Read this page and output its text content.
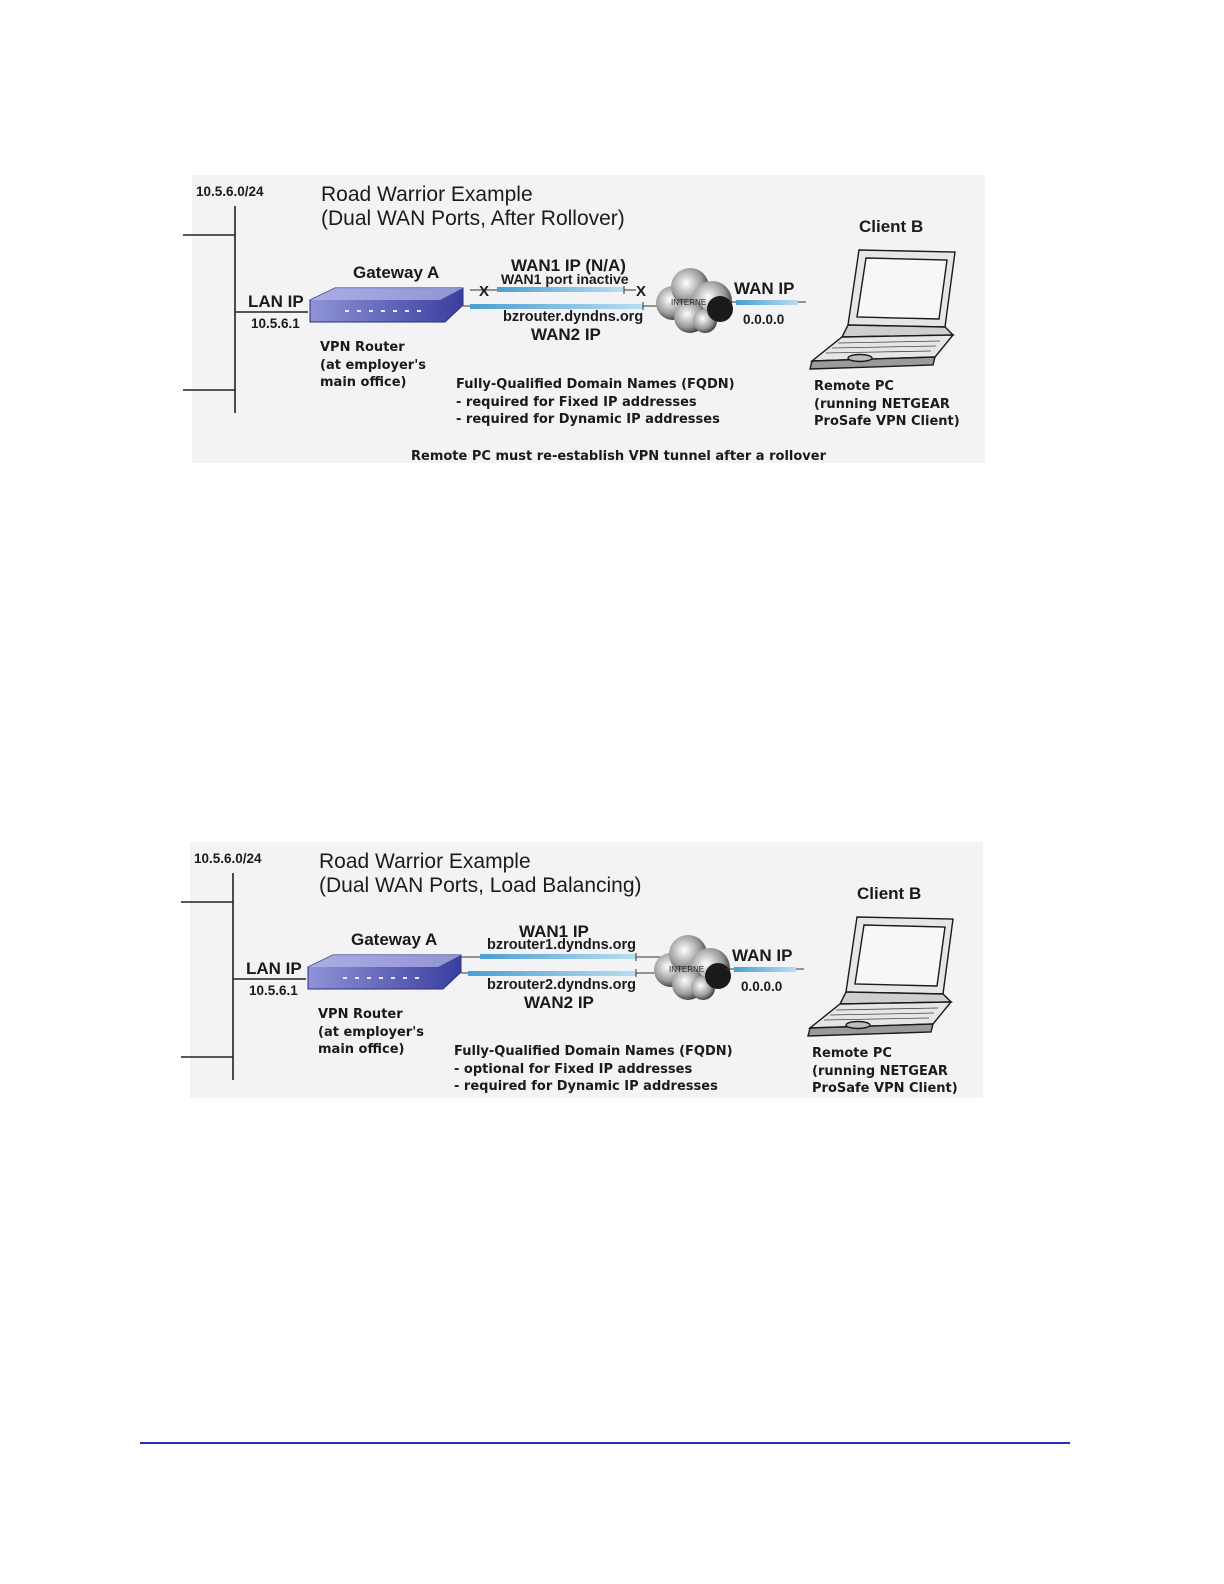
10.5.6.0/24	Road Warrior Example
(Dual WAN Ports, After Rollover)	Client B
Gateway A
LAN IP
10.5.6.1
VPN Router
(at employer's
main office)
WAN1 IP (N/A)
WAN1 port inactive
X	X
bzrouter.dyndns.org
WAN2 IP
INTERNE
WAN IP
0.0.0.0
Fully-Qualified Domain Names (FQDN)
- required for Fixed IP addresses
- required for Dynamic IP addresses
Remote PC
(running NETGEAR
ProSafe VPN Client)
Remote PC must re-establish VPN tunnel after a rollover
10.5.6.0/24	Road Warrior Example
(Dual WAN Ports, Load Balancing)	Client B
Gateway A
LAN IP
10.5.6.1
VPN Router
(at employer's
main office)
WAN1 IP
bzrouter1.dyndns.org
bzrouter2.dyndns.org
WAN2 IP
INTERNE
WAN IP
0.0.0.0
Fully-Qualified Domain Names (FQDN)
- optional for Fixed IP addresses
- required for Dynamic IP addresses
Remote PC
(running NETGEAR
ProSafe VPN Client)
